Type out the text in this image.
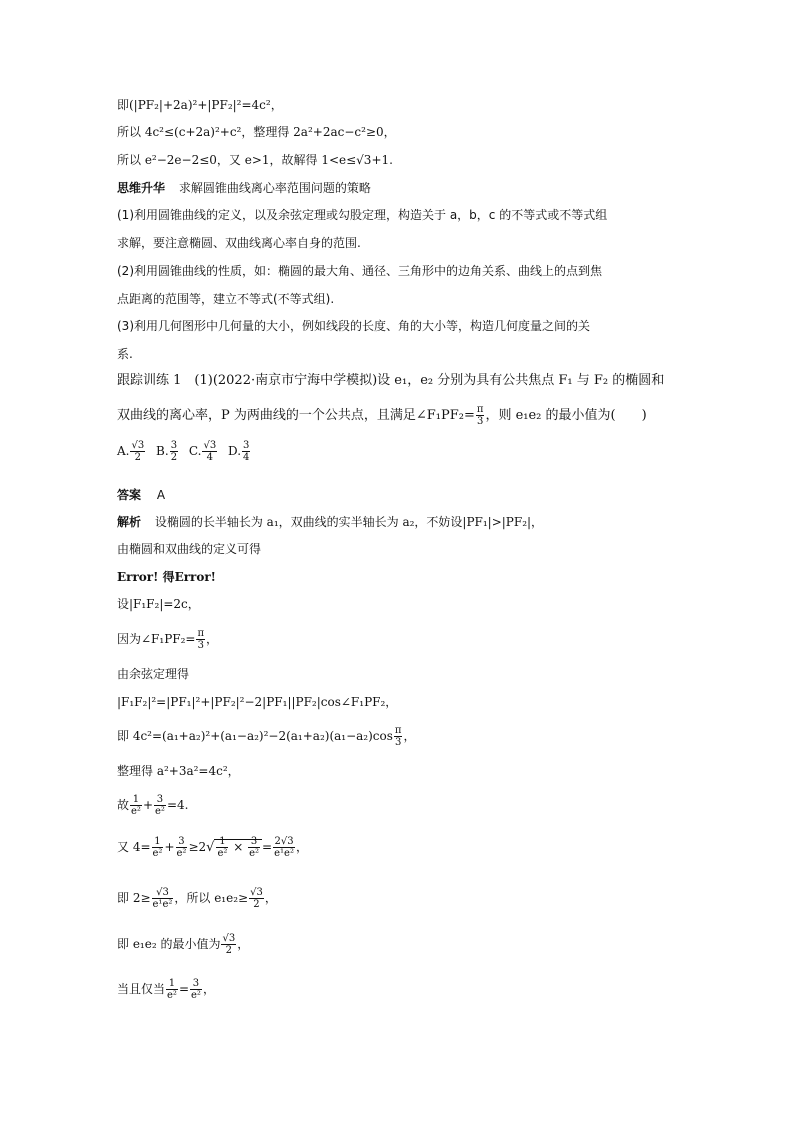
即(|PF₂|+2a)²+|PF₂|²=4c²，
所以 4c²≤(c+2a)²+c²，整理得 2a²+2ac−c²≥0，
所以 e²−2e−2≤0，又 e>1，故解得 1<e≤√3+1.
思维升华 求解圆锥曲线离心率范围问题的策略
(1)利用圆锥曲线的定义，以及余弦定理或勾股定理，构造关于 a，b，c 的不等式或不等式组
求解，要注意椭圆、双曲线离心率自身的范围.
(2)利用圆锥曲线的性质，如：椭圆的最大角、通径、三角形中的边角关系、曲线上的点到焦
点距离的范围等，建立不等式(不等式组).
(3)利用几何图形中几何量的大小，例如线段的长度、角的大小等，构造几何度量之间的关
系.
跟踪训练 1　(1)(2022·南京市宁海中学模拟)设 e₁，e₂ 分别为具有公共焦点 F₁ 与 F₂ 的椭圆和
双曲线的离心率，P 为两曲线的一个公共点，且满足∠F₁PF₂= $\frac{\pi}{3}$ ，则 e₁e₂ 的最小值为(　　)
A. $\frac{√3}{2} B$. $\frac{3}{2} C$. $\frac{√3}{4} D$. $\frac{3}{4}$
答案 A
解析 设椭圆的长半轴长为 a₁，双曲线的实半轴长为 a₂，不妨设|PF₁|>|PF₂|，
由椭圆和双曲线的定义可得
Error! 得Error!
设|F₁F₂|=2c，
因为∠F₁PF₂= $\frac{\pi}{3}$ ，
由余弦定理得
|F₁F₂|²=|PF₁|²+|PF₂|²−2|PF₁||PF₂|cos∠F₁PF₂，
即 $4c^2=(a_1+a_2)^2+(a_1-a_2)^2-2(a_1+a_2)(a_1-a_2)\cos \frac{\pi}{3}$ ，
整理得 a²+3a²=4c²，
故 $\frac{1}{\text{e²}} + \frac{3}{\text{e²}} =4$.
又 $4= \frac{1}{\text{e²}} + \frac{3}{\text{e²}} \ge 2√ \frac{1}{\text{e²}} \times \frac{3}{\text{e²}} = \frac{2√3}{\text{e¹e²}}$ ，
即 $2\ge \frac{√3}{\text{e¹e²}}$ ，所以 $e_1e_2\ge \frac{√3}{2}$ ，
即 e₁e₂ 的最小值为 $\frac{√3}{2}$ ，
当且仅当 $\frac{1}{\text{e²}} = \frac{3}{\text{e²}}$ ，
